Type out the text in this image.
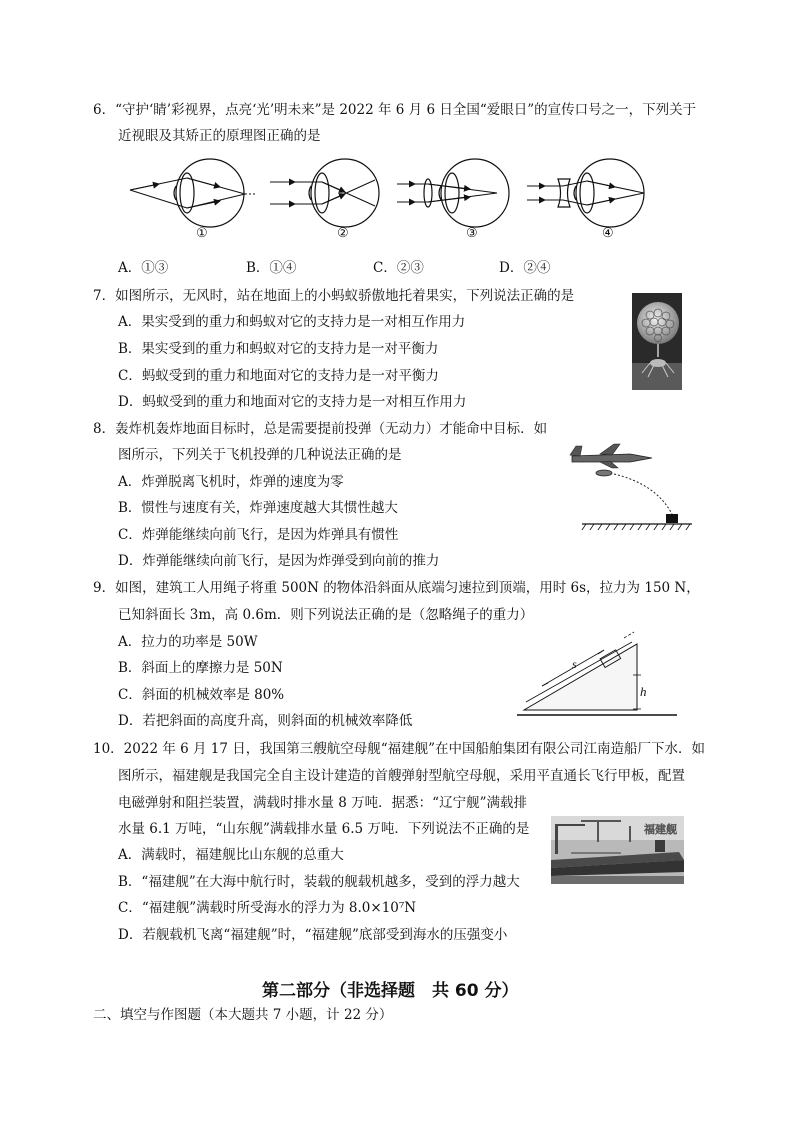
6．“守护‘睛’彩视界，点亮‘光’明未来”是 2022 年 6 月 6 日全国“爱眼日”的宣传口号之一，下列关于
近视眼及其矫正的原理图正确的是
①	②	③	④
A．①③	B．①④	C．②③	D．②④
7．如图所示，无风时，站在地面上的小蚂蚁骄傲地托着果实，下列说法正确的是
A．果实受到的重力和蚂蚁对它的支持力是一对相互作用力
B．果实受到的重力和蚂蚁对它的支持力是一对平衡力
C．蚂蚁受到的重力和地面对它的支持力是一对平衡力
D．蚂蚁受到的重力和地面对它的支持力是一对相互作用力
8．轰炸机轰炸地面目标时，总是需要提前投弹（无动力）才能命中目标．如
图所示，下列关于飞机投弹的几种说法正确的是
A．炸弹脱离飞机时，炸弹的速度为零
B．惯性与速度有关，炸弹速度越大其惯性越大
C．炸弹能继续向前飞行，是因为炸弹具有惯性
D．炸弹能继续向前飞行，是因为炸弹受到向前的推力
9．如图，建筑工人用绳子将重 500N 的物体沿斜面从底端匀速拉到顶端，用时 6s，拉力为 150 N，
已知斜面长 3m，高 0.6m．则下列说法正确的是（忽略绳子的重力）
A．拉力的功率是 50W
B．斜面上的摩擦力是 50N
C．斜面的机械效率是 80%
D．若把斜面的高度升高，则斜面的机械效率降低
s
h
10．2022 年 6 月 17 日，我国第三艘航空母舰“福建舰”在中国船舶集团有限公司江南造船厂下水．如
图所示，福建舰是我国完全自主设计建造的首艘弹射型航空母舰，采用平直通长飞行甲板，配置
电磁弹射和阻拦装置，满载时排水量 8 万吨．据悉：“辽宁舰”满载排
水量 6.1 万吨，“山东舰”满载排水量 6.5 万吨．下列说法不正确的是
A．满载时，福建舰比山东舰的总重大
B．“福建舰”在大海中航行时，装载的舰载机越多，受到的浮力越大
C．“福建舰”满载时所受海水的浮力为 8.0×10⁷N
D．若舰载机飞离“福建舰”时，“福建舰”底部受到海水的压强变小
福建舰
第二部分（非选择题　共 60 分）
二、填空与作图题（本大题共 7 小题，计 22 分）
